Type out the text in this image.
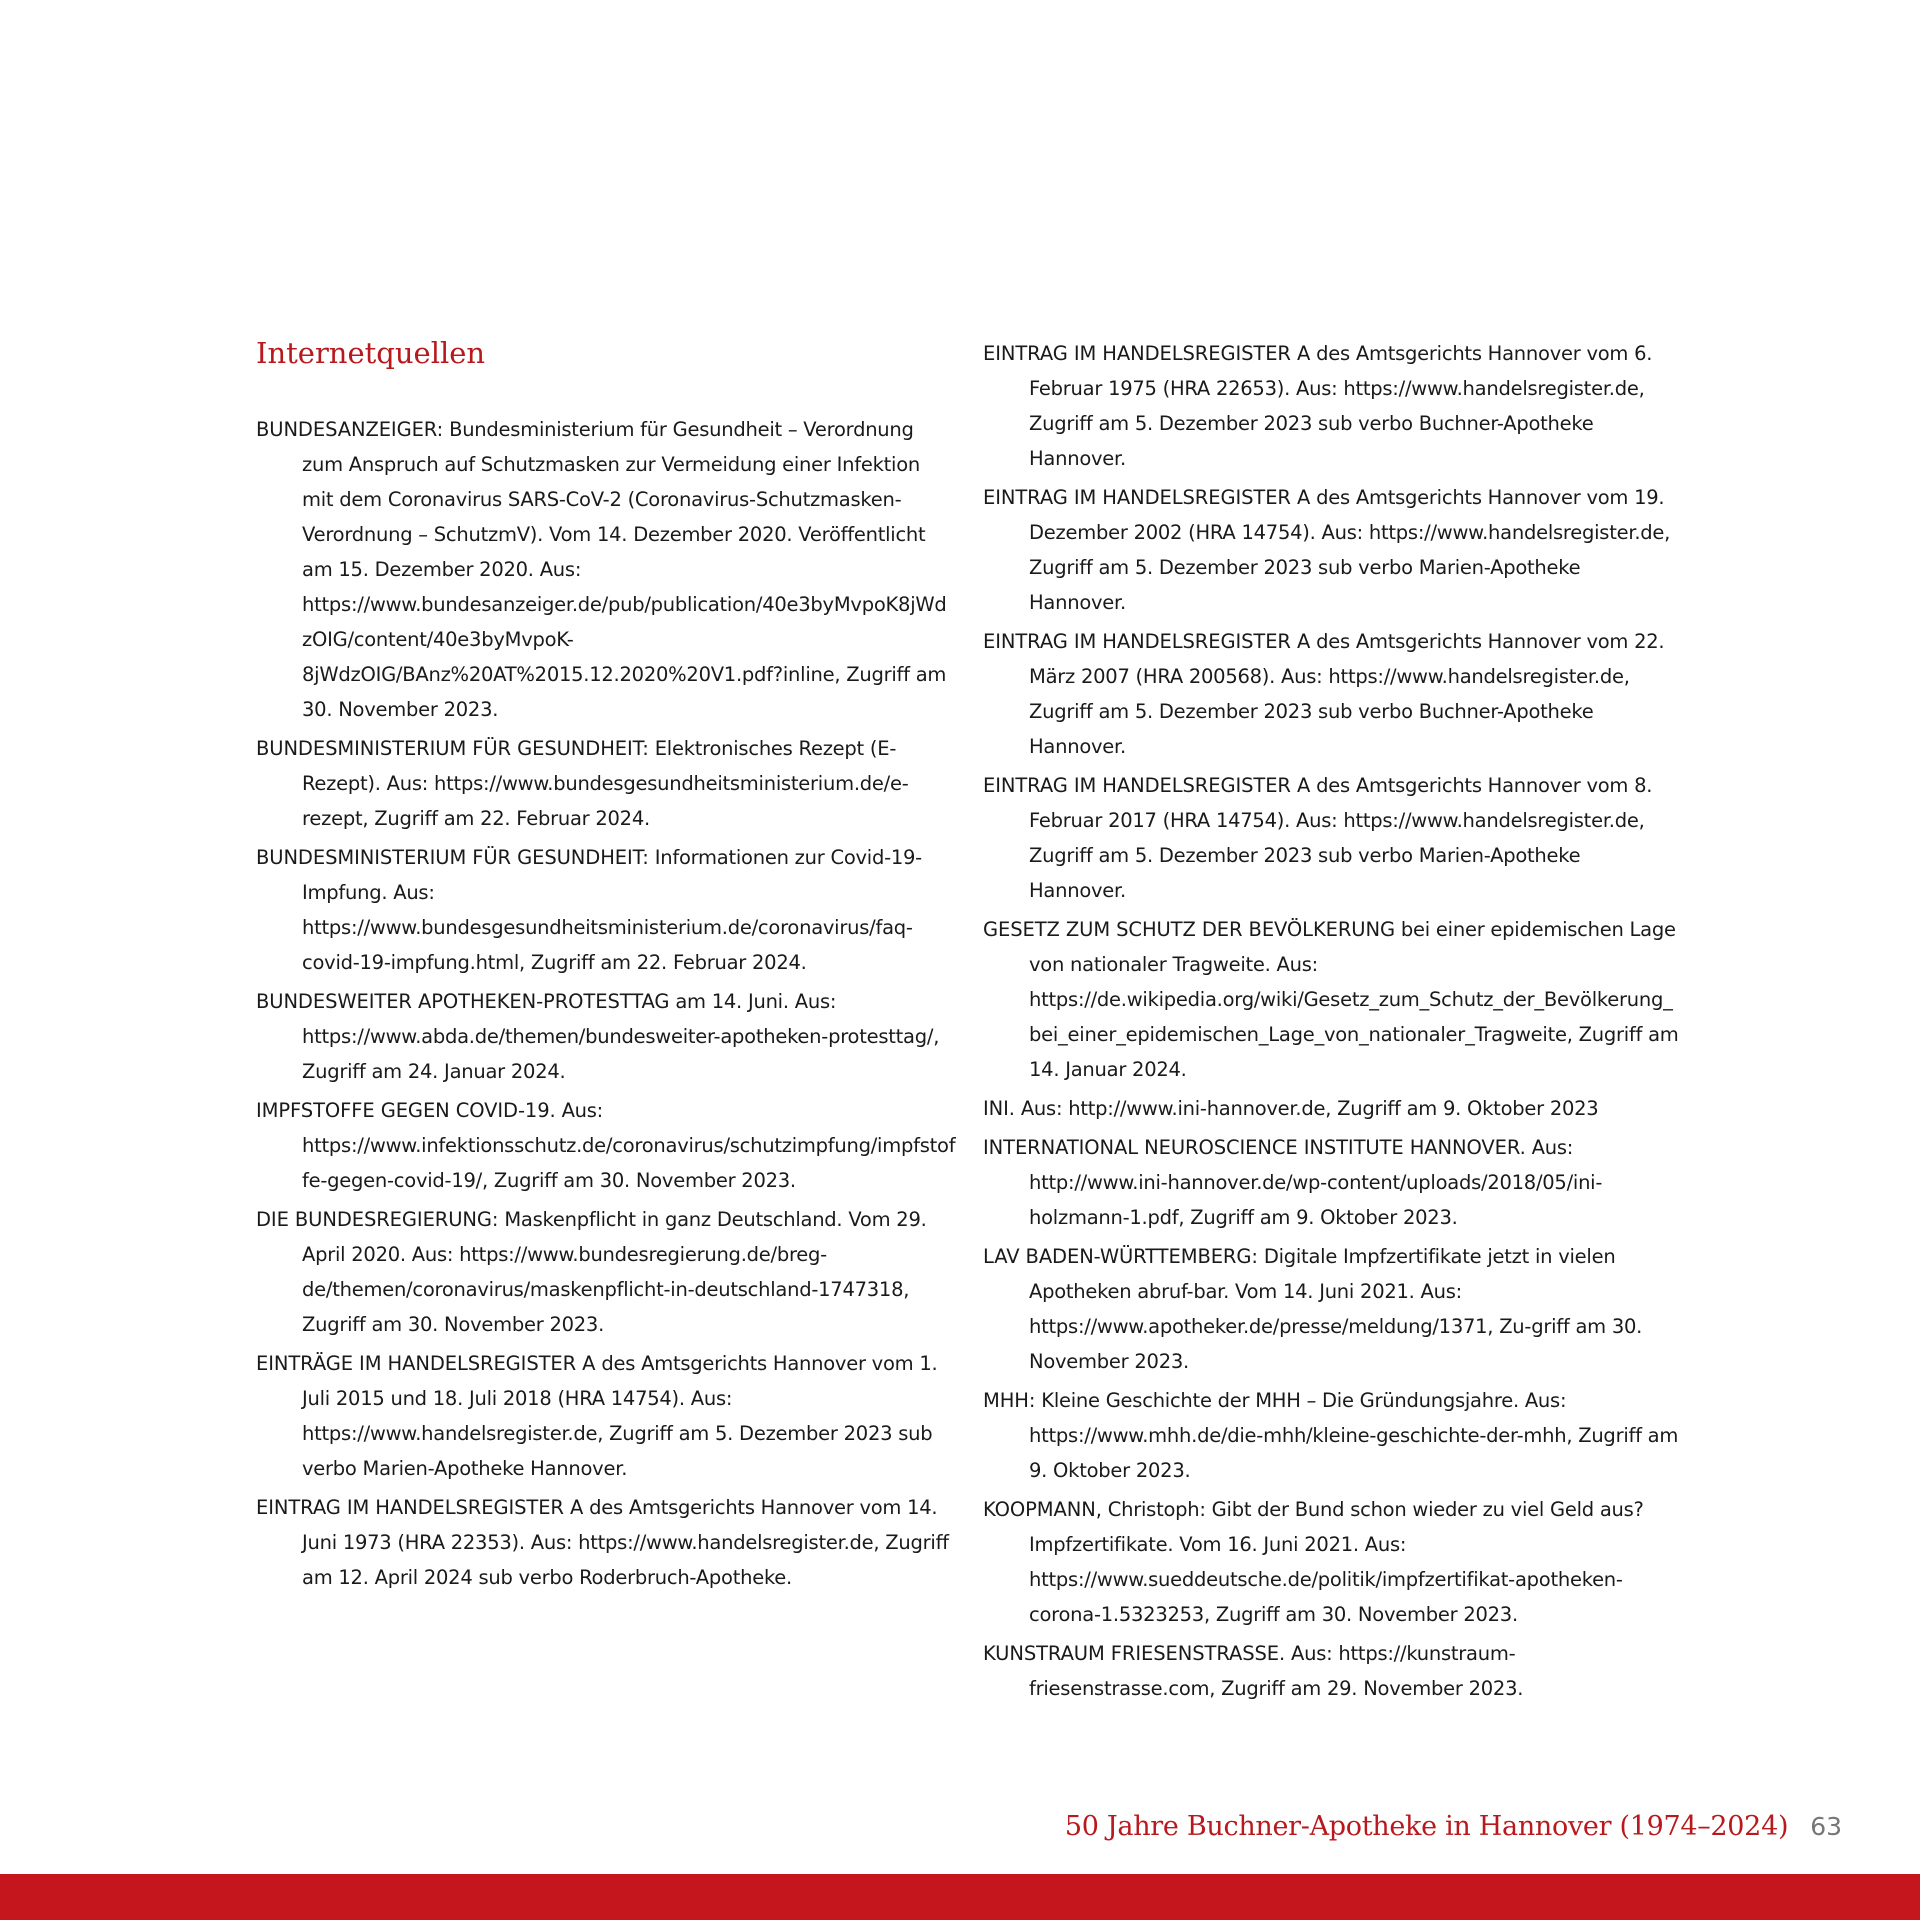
Internetquellen
BUNDESANZEIGER: Bundesministerium für Gesundheit – Verordnung zum Anspruch auf Schutzmasken zur Vermeidung einer Infektion mit dem Coronavirus SARS-CoV-2 (Coronavirus-Schutzmasken-Verordnung – SchutzmV). Vom 14. Dezember 2020. Veröffentlicht am 15. Dezember 2020. Aus: https://www.bundesanzeiger.de/pub/publication/40e3byMvpoK8jWdzOIG/content/40e3byMvpoK-8jWdzOIG/BAnz%20AT%2015.12.2020%20V1.pdf?inline, Zugriff am 30. November 2023.
BUNDESMINISTERIUM FÜR GESUNDHEIT: Elektronisches Rezept (E-Rezept). Aus: https://www.bundesgesundheitsministerium.de/e-rezept, Zugriff am 22. Februar 2024.
BUNDESMINISTERIUM FÜR GESUNDHEIT: Informationen zur Covid-19-Impfung. Aus: https://www.bundesgesundheitsministerium.de/coronavirus/faq-covid-19-impfung.html, Zugriff am 22. Februar 2024.
BUNDESWEITER APOTHEKEN-PROTESTTAG am 14. Juni. Aus: https://www.abda.de/themen/bundesweiter-apotheken-protesttag/, Zugriff am 24. Januar 2024.
IMPFSTOFFE GEGEN COVID-19. Aus: https://www.infektionsschutz.de/coronavirus/schutzimpfung/impfstoffe-gegen-covid-19/, Zugriff am 30. November 2023.
DIE BUNDESREGIERUNG: Maskenpflicht in ganz Deutschland. Vom 29. April 2020. Aus: https://www.bundesregierung.de/breg-de/themen/coronavirus/maskenpflicht-in-deutschland-1747318, Zugriff am 30. November 2023.
EINTRÄGE IM HANDELSREGISTER A des Amtsgerichts Hannover vom 1. Juli 2015 und 18. Juli 2018 (HRA 14754). Aus: https://www.handelsregister.de, Zugriff am 5. Dezember 2023 sub verbo Marien-Apotheke Hannover.
EINTRAG IM HANDELSREGISTER A des Amtsgerichts Hannover vom 14. Juni 1973 (HRA 22353). Aus: https://www.handelsregister.de, Zugriff am 12. April 2024 sub verbo Roderbruch-Apotheke.
EINTRAG IM HANDELSREGISTER A des Amtsgerichts Hannover vom 6. Februar 1975 (HRA 22653). Aus: https://www.handelsregister.de, Zugriff am 5. Dezember 2023 sub verbo Buchner-Apotheke Hannover.
EINTRAG IM HANDELSREGISTER A des Amtsgerichts Hannover vom 19. Dezember 2002 (HRA 14754). Aus: https://www.handelsregister.de, Zugriff am 5. Dezember 2023 sub verbo Marien-Apotheke Hannover.
EINTRAG IM HANDELSREGISTER A des Amtsgerichts Hannover vom 22. März 2007 (HRA 200568). Aus: https://www.handelsregister.de, Zugriff am 5. Dezember 2023 sub verbo Buchner-Apotheke Hannover.
EINTRAG IM HANDELSREGISTER A des Amtsgerichts Hannover vom 8. Februar 2017 (HRA 14754). Aus: https://www.handelsregister.de, Zugriff am 5. Dezember 2023 sub verbo Marien-Apotheke Hannover.
GESETZ ZUM SCHUTZ DER BEVÖLKERUNG bei einer epidemischen Lage von nationaler Tragweite. Aus: https://de.wikipedia.org/wiki/Gesetz_zum_Schutz_der_Bevölkerung_bei_einer_epidemischen_Lage_von_nationaler_Tragweite, Zugriff am 14. Januar 2024.
INI. Aus: http://www.ini-hannover.de, Zugriff am 9. Oktober 2023
INTERNATIONAL NEUROSCIENCE INSTITUTE HANNOVER. Aus: http://www.ini-hannover.de/wp-content/uploads/2018/05/ini-holzmann-1.pdf, Zugriff am 9. Oktober 2023.
LAV BADEN-WÜRTTEMBERG: Digitale Impfzertifikate jetzt in vielen Apotheken abruf-bar. Vom 14. Juni 2021. Aus: https://www.apotheker.de/presse/meldung/1371, Zu-griff am 30. November 2023.
MHH: Kleine Geschichte der MHH – Die Gründungsjahre. Aus: https://www.mhh.de/die-mhh/kleine-geschichte-der-mhh, Zugriff am 9. Oktober 2023.
KOOPMANN, Christoph: Gibt der Bund schon wieder zu viel Geld aus? Impfzertifikate. Vom 16. Juni 2021. Aus: https://www.sueddeutsche.de/politik/impfzertifikat-apotheken-corona-1.5323253, Zugriff am 30. November 2023.
KUNSTRAUM FRIESENSTRASSE. Aus: https://kunstraum-friesenstrasse.com, Zugriff am 29. November 2023.
50 Jahre Buchner-Apotheke in Hannover (1974–2024) 63
